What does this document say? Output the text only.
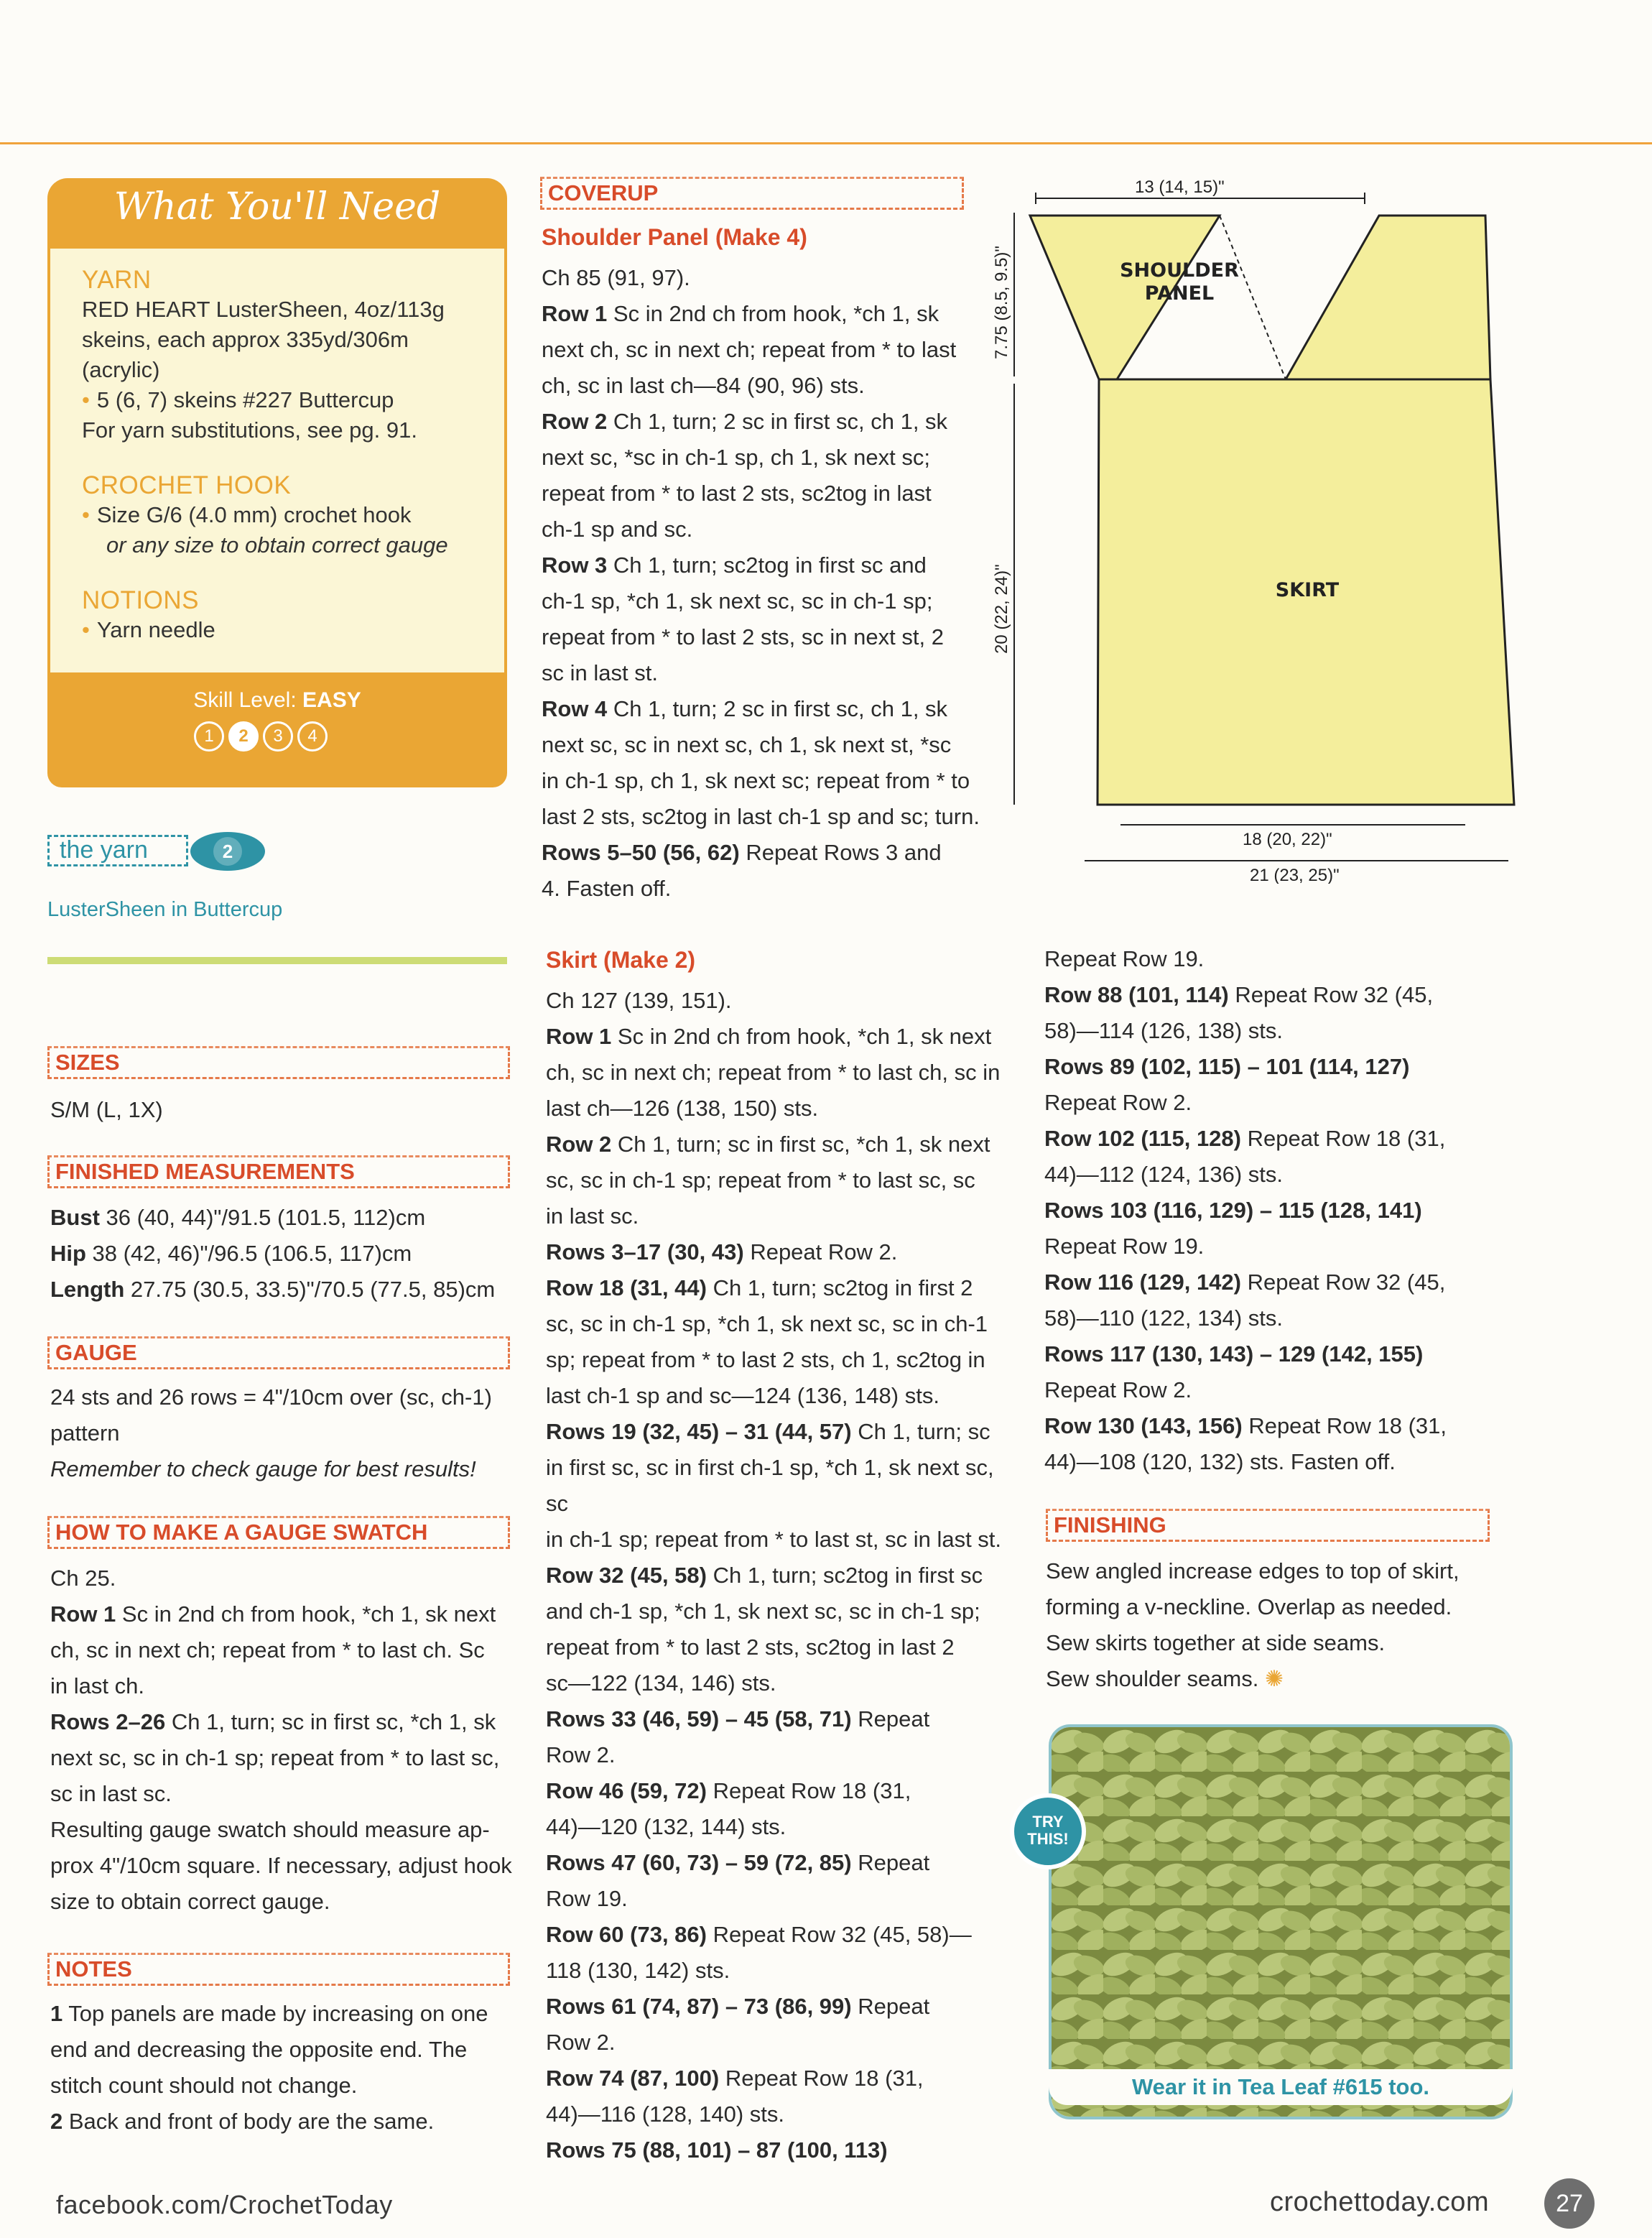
What You'll Need
YARN
RED HEART LusterSheen, 4oz/113g
skeins, each approx 335yd/306m
(acrylic)
• 5 (6, 7) skeins #227 Buttercup
For yarn substitutions, see pg. 91.
CROCHET HOOK
• Size G/6 (4.0 mm) crochet hook
or any size to obtain correct gauge
NOTIONS
• Yarn needle
Skill Level: EASY
1	2	3	4
the yarn	2
LusterSheen in Buttercup
SIZES
S/M (L, 1X)
FINISHED MEASUREMENTS
Bust 36 (40, 44)"/91.5 (101.5, 112)cm
Hip 38 (42, 46)"/96.5 (106.5, 117)cm
Length 27.75 (30.5, 33.5)"/70.5 (77.5, 85)cm
GAUGE
24 sts and 26 rows = 4"/10cm over (sc, ch-1)
pattern
Remember to check gauge for best results!
HOW TO MAKE A GAUGE SWATCH
Ch 25.
Row 1 Sc in 2nd ch from hook, *ch 1, sk next
ch, sc in next ch; repeat from * to last ch. Sc
in last ch.
Rows 2–26 Ch 1, turn; sc in first sc, *ch 1, sk
next sc, sc in ch-1 sp; repeat from * to last sc,
sc in last sc.
Resulting gauge swatch should measure ap-
prox 4"/10cm square. If necessary, adjust hook
size to obtain correct gauge.
NOTES
1 Top panels are made by increasing on one
end and decreasing the opposite end. The
stitch count should not change.
2 Back and front of body are the same.
COVERUP
Shoulder Panel (Make 4)
Ch 85 (91, 97).
Row 1 Sc in 2nd ch from hook, *ch 1, sk
next ch, sc in next ch; repeat from * to last
ch, sc in last ch—84 (90, 96) sts.
Row 2 Ch 1, turn; 2 sc in first sc, ch 1, sk
next sc, *sc in ch-1 sp, ch 1, sk next sc;
repeat from * to last 2 sts, sc2tog in last
ch-1 sp and sc.
Row 3 Ch 1, turn; sc2tog in first sc and
ch-1 sp, *ch 1, sk next sc, sc in ch-1 sp;
repeat from * to last 2 sts, sc in next st, 2
sc in last st.
Row 4 Ch 1, turn; 2 sc in first sc, ch 1, sk
next sc, sc in next sc, ch 1, sk next st, *sc
in ch-1 sp, ch 1, sk next sc; repeat from * to
last 2 sts, sc2tog in last ch-1 sp and sc; turn.
Rows 5–50 (56, 62) Repeat Rows 3 and
4. Fasten off.
Skirt (Make 2)
Ch 127 (139, 151).
Row 1 Sc in 2nd ch from hook, *ch 1, sk next
ch, sc in next ch; repeat from * to last ch, sc in
last ch—126 (138, 150) sts.
Row 2 Ch 1, turn; sc in first sc, *ch 1, sk next
sc, sc in ch-1 sp; repeat from * to last sc, sc
in last sc.
Rows 3–17 (30, 43) Repeat Row 2.
Row 18 (31, 44) Ch 1, turn; sc2tog in first 2
sc, sc in ch-1 sp, *ch 1, sk next sc, sc in ch-1
sp; repeat from * to last 2 sts, ch 1, sc2tog in
last ch-1 sp and sc—124 (136, 148) sts.
Rows 19 (32, 45) – 31 (44, 57) Ch 1, turn; sc
in first sc, sc in first ch-1 sp, *ch 1, sk next sc, sc
in ch-1 sp; repeat from * to last st, sc in last st.
Row 32 (45, 58) Ch 1, turn; sc2tog in first sc
and ch-1 sp, *ch 1, sk next sc, sc in ch-1 sp;
repeat from * to last 2 sts, sc2tog in last 2
sc—122 (134, 146) sts.
Rows 33 (46, 59) – 45 (58, 71) Repeat
Row 2.
Row 46 (59, 72) Repeat Row 18 (31,
44)—120 (132, 144) sts.
Rows 47 (60, 73) – 59 (72, 85) Repeat
Row 19.
Row 60 (73, 86) Repeat Row 32 (45, 58)—
118 (130, 142) sts.
Rows 61 (74, 87) – 73 (86, 99) Repeat
Row 2.
Row 74 (87, 100) Repeat Row 18 (31,
44)—116 (128, 140) sts.
Rows 75 (88, 101) – 87 (100, 113)
13 (14, 15)"
SHOULDER
PANEL
SKIRT
7.75 (8.5, 9.5)"
20 (22, 24)"
18 (20, 22)"
21 (23, 25)"
Repeat Row 19.
Row 88 (101, 114) Repeat Row 32 (45,
58)—114 (126, 138) sts.
Rows 89 (102, 115) – 101 (114, 127)
Repeat Row 2.
Row 102 (115, 128) Repeat Row 18 (31,
44)—112 (124, 136) sts.
Rows 103 (116, 129) – 115 (128, 141)
Repeat Row 19.
Row 116 (129, 142) Repeat Row 32 (45,
58)—110 (122, 134) sts.
Rows 117 (130, 143) – 129 (142, 155)
Repeat Row 2.
Row 130 (143, 156) Repeat Row 18 (31,
44)—108 (120, 132) sts. Fasten off.
FINISHING
Sew angled increase edges to top of skirt,
forming a v-neckline. Overlap as needed.
Sew skirts together at side seams.
Sew shoulder seams. ✺
TRY
THIS!
Wear it in Tea Leaf #615 too.
facebook.com/CrochetToday	crochettoday.com	27
